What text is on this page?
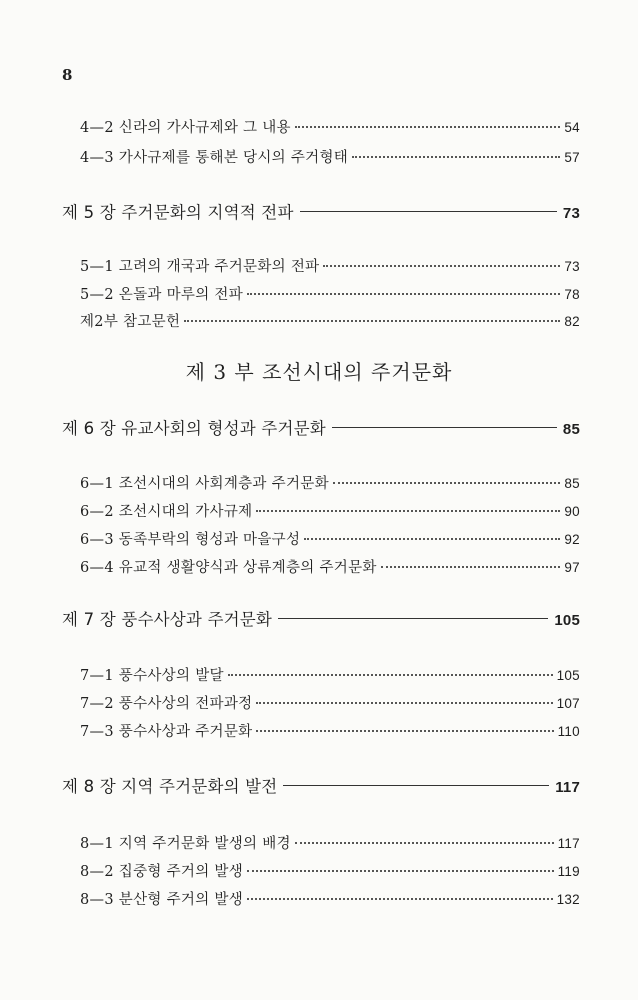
8
4—2 신라의 가사규제와 그 내용	54
4—3 가사규제를 통해본 당시의 주거형태	57
제 5 장 주거문화의 지역적 전파	73
5—1 고려의 개국과 주거문화의 전파	73
5—2 온돌과 마루의 전파	78
제2부 참고문헌	82
제 3 부 조선시대의 주거문화
제 6 장 유교사회의 형성과 주거문화	85
6—1 조선시대의 사회계층과 주거문화	85
6—2 조선시대의 가사규제	90
6—3 동족부락의 형성과 마을구성	92
6—4 유교적 생활양식과 상류계층의 주거문화	97
제 7 장 풍수사상과 주거문화	105
7—1 풍수사상의 발달	105
7—2 풍수사상의 전파과정	107
7—3 풍수사상과 주거문화	110
제 8 장 지역 주거문화의 발전	117
8—1 지역 주거문화 발생의 배경	117
8—2 집중형 주거의 발생	119
8—3 분산형 주거의 발생	132
